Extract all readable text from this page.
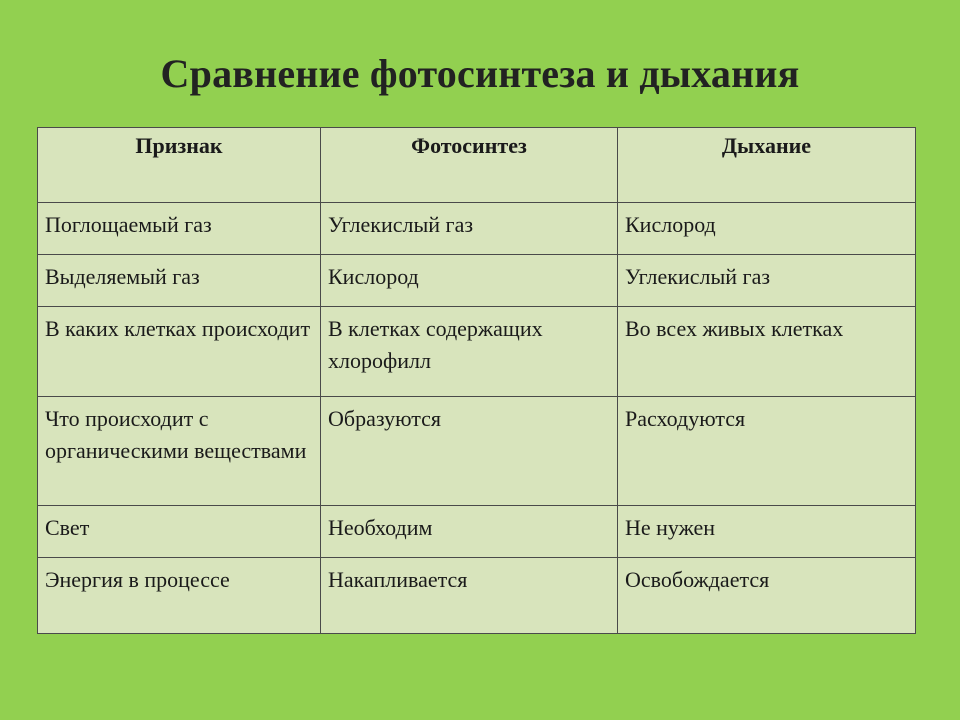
Сравнение фотосинтеза и дыхания
Признак	Фотосинтез	Дыхание
Поглощаемый газ	Углекислый газ	Кислород
Выделяемый газ	Кислород	Углекислый газ
В каких клетках происходит	В клетках содержащих хлорофилл	Во всех живых клетках
Что происходит с органическими веществами	Образуются	Расходуются
Свет	Необходим	Не нужен
Энергия в процессе	Накапливается	Освобождается
